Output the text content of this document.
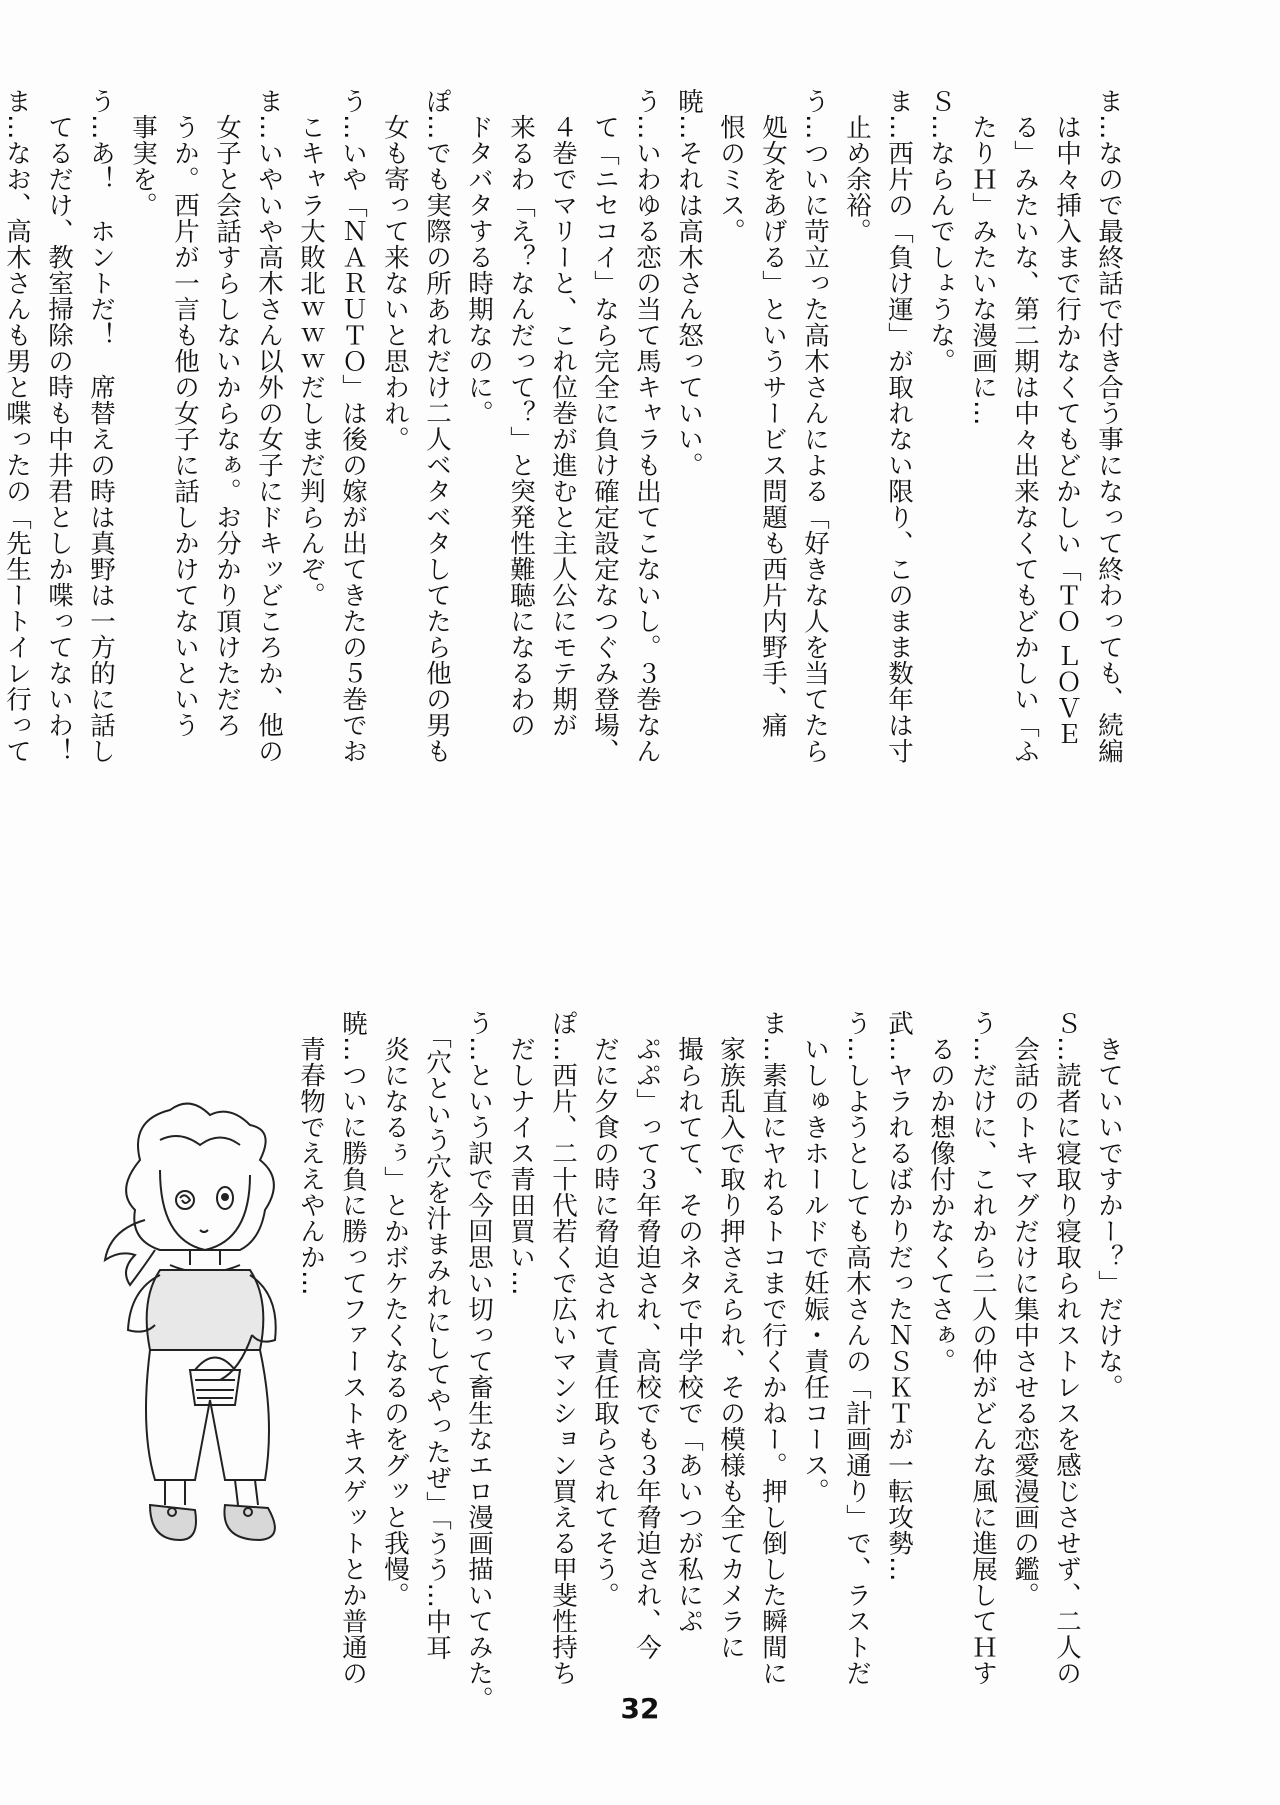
ま…なので最終話で付き合う事になって終わっても、続編
　は中々挿入まで行かなくてもどかしい「ＴＯ ＬＯＶＥ
　る」みたいな、第二期は中々出来なくてもどかしい「ふ
　たりＨ」みたいな漫画に…
Ｓ…ならんでしょうな。
ま…西片の「負け運」が取れない限り、このまま数年は寸
　止め余裕。
う…ついに苛立った高木さんによる「好きな人を当てたら
　処女をあげる」というサービス問題も西片内野手、痛
　恨のミス。
暁…それは高木さん怒っていい。
う…いわゆる恋の当て馬キャラも出てこないし。３巻なん
　て「ニセコイ」なら完全に負け確定設定なつぐみ登場、
　４巻でマリーと、これ位巻が進むと主人公にモテ期が
　来るわ「え？なんだって？」と突発性難聴になるわの
　ドタバタする時期なのに。
ぽ…でも実際の所あれだけ二人ベタベタしてたら他の男も
　女も寄って来ないと思われ。
う…いや「ＮＡＲＵＴＯ」は後の嫁が出てきたの５巻でお
　こキャラ大敗北ｗｗｗだしまだ判らんぞ。
ま…いやいや高木さん以外の女子にドキッどころか、他の
　女子と会話すらしないからなぁ。お分かり頂けただろ
　うか。西片が一言も他の女子に話しかけてないという
　事実を。
う…あ！　ホントだ！　席替えの時は真野は一方的に話し
　てるだけ、教室掃除の時も中井君としか喋ってないわ！
ま…なお、高木さんも男と喋ったの「先生ートイレ行って
　きていいですかー？」だけな。
Ｓ…読者に寝取り寝取られストレスを感じさせず、二人の
　会話のトキマグだけに集中させる恋愛漫画の鑑。
う…だけに、これから二人の仲がどんな風に進展してＨす
　るのか想像付かなくてさぁ。
武…ヤラれるばかりだったＮＳＫＴが一転攻勢…
う…しようとしても高木さんの「計画通り」で、ラストだ
　いしゅきホールドで妊娠・責任コース。
ま…素直にヤれるトコまで行くかねー。押し倒した瞬間に
　家族乱入で取り押さえられ、その模様も全てカメラに
　撮られてて、そのネタで中学校で「あいつが私にぷ
　ぷぷ」って３年脅迫され、高校でも３年脅迫され、今
　だに夕食の時に脅迫されて責任取らされてそう。
ぽ…西片、二十代若くで広いマンション買える甲斐性持ち
　だしナイス青田買い…
う…という訳で今回思い切って畜生なエロ漫画描いてみた。
　「穴という穴を汁まみれにしてやったぜ」「うう…中耳
　炎になるぅ」とかボケたくなるのをグッと我慢。
暁…ついに勝負に勝ってファーストキスゲットとか普通の
　青春物でええやんか…
32
